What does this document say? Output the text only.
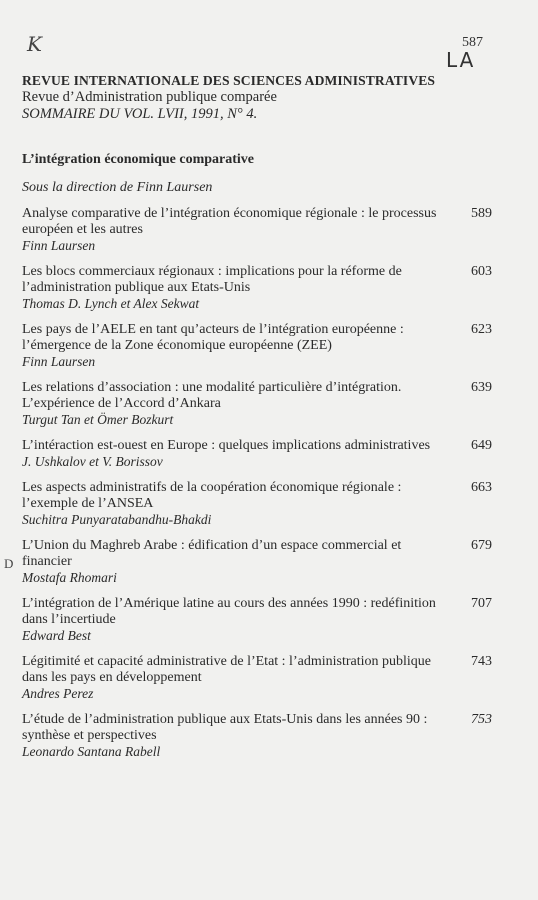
K	587
LA
REVUE INTERNATIONALE DES SCIENCES ADMINISTRATIVES
Revue d’Administration publique comparée
SOMMAIRE DU VOL. LVII, 1991, N° 4.
L’intégration économique comparative
Sous la direction de Finn Laursen
D
Analyse comparative de l’intégration économique régionale : le processus européen et les autres
Finn Laursen
589
Les blocs commerciaux régionaux : implications pour la réforme de l’administration publique aux Etats-Unis
Thomas D. Lynch et Alex Sekwat
603
Les pays de l’AELE en tant qu’acteurs de l’intégration européenne : l’émergence de la Zone économique européenne (ZEE)
Finn Laursen
623
Les relations d’association : une modalité particulière d’intégration. L’expérience de l’Accord d’Ankara
Turgut Tan et Ömer Bozkurt
639
L’intéraction est-ouest en Europe : quelques implications administratives
J. Ushkalov et V. Borissov
649
Les aspects administratifs de la coopération économique régionale : l’exemple de l’ANSEA
Suchitra Punyaratabandhu-Bhakdi
663
L’Union du Maghreb Arabe : édification d’un espace commercial et financier
Mostafa Rhomari
679
L’intégration de l’Amérique latine au cours des années 1990 : redéfinition dans l’incertiude
Edward Best
707
Légitimité et capacité administrative de l’Etat : l’administration publique dans les pays en développement
Andres Perez
743
L’étude de l’administration publique aux Etats-Unis dans les années 90 : synthèse et perspectives
Leonardo Santana Rabell
753
